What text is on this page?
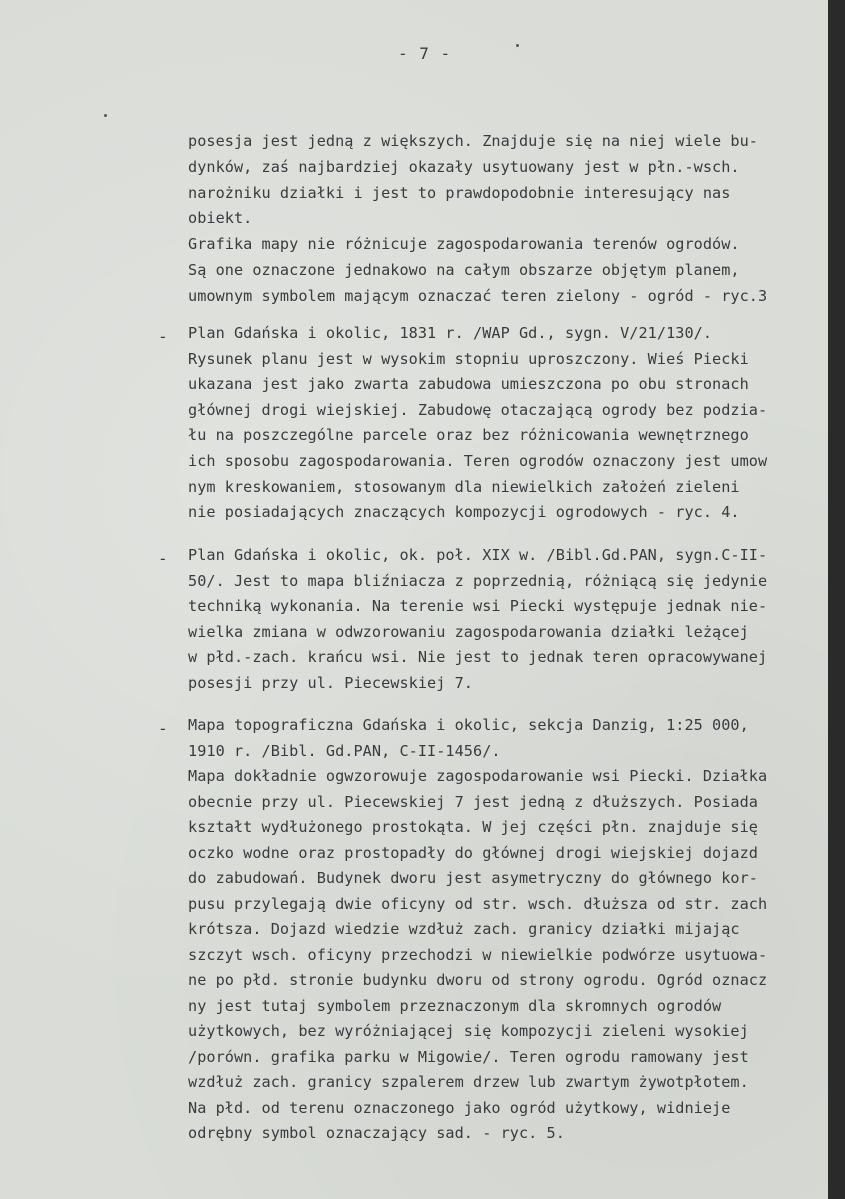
- 7 -
posesja jest jedną z większych. Znajduje się na niej wiele bu-
dynków, zaś najbardziej okazały usytuowany jest w płn.-wsch.
narożniku działki i jest to prawdopodobnie interesujący nas
obiekt.
Grafika mapy nie różnicuje zagospodarowania terenów ogrodów.
Są one oznaczone jednakowo na całym obszarze objętym planem,
umownym symbolem mającym oznaczać teren zielony - ogród - ryc.3
- Plan Gdańska i okolic, 1831 r. /WAP Gd., sygn. V/21/130/.
Rysunek planu jest w wysokim stopniu uproszczony. Wieś Piecki
ukazana jest jako zwarta zabudowa umieszczona po obu stronach
głównej drogi wiejskiej. Zabudowę otaczającą ogrody bez podzia-
łu na poszczególne parcele oraz bez różnicowania wewnętrznego
ich sposobu zagospodarowania. Teren ogrodów oznaczony jest umow
nym kreskowaniem, stosowanym dla niewielkich założeń zieleni
nie posiadających znaczących kompozycji ogrodowych - ryc. 4.
- Plan Gdańska i okolic, ok. poł. XIX w. /Bibl.Gd.PAN, sygn.C-II-
50/. Jest to mapa bliźniacza z poprzednią, różniącą się jedynie
techniką wykonania. Na terenie wsi Piecki występuje jednak nie-
wielka zmiana w odwzorowaniu zagospodarowania działki leżącej
w płd.-zach. krańcu wsi. Nie jest to jednak teren opracowywanej
posesji przy ul. Piecewskiej 7.
- Mapa topograficzna Gdańska i okolic, sekcja Danzig, 1:25 000,
1910 r. /Bibl. Gd.PAN, C-II-1456/.
Mapa dokładnie ogwzorowuje zagospodarowanie wsi Piecki. Działka
obecnie przy ul. Piecewskiej 7 jest jedną z dłuższych. Posiada
kształt wydłużonego prostokąta. W jej części płn. znajduje się
oczko wodne oraz prostopadły do głównej drogi wiejskiej dojazd
do zabudowań. Budynek dworu jest asymetryczny do głównego kor-
pusu przylegają dwie oficyny od str. wsch. dłuższa od str. zach
krótsza. Dojazd wiedzie wzdłuż zach. granicy działki mijając
szczyt wsch. oficyny przechodzi w niewielkie podwórze usytuowa-
ne po płd. stronie budynku dworu od strony ogrodu. Ogród oznacz
ny jest tutaj symbolem przeznaczonym dla skromnych ogrodów
użytkowych, bez wyróżniającej się kompozycji zieleni wysokiej
/porówn. grafika parku w Migowie/. Teren ogrodu ramowany jest
wzdłuż zach. granicy szpalerem drzew lub zwartym żywotpłotem.
Na płd. od terenu oznaczonego jako ogród użytkowy, widnieje
odrębny symbol oznaczający sad. - ryc. 5.
